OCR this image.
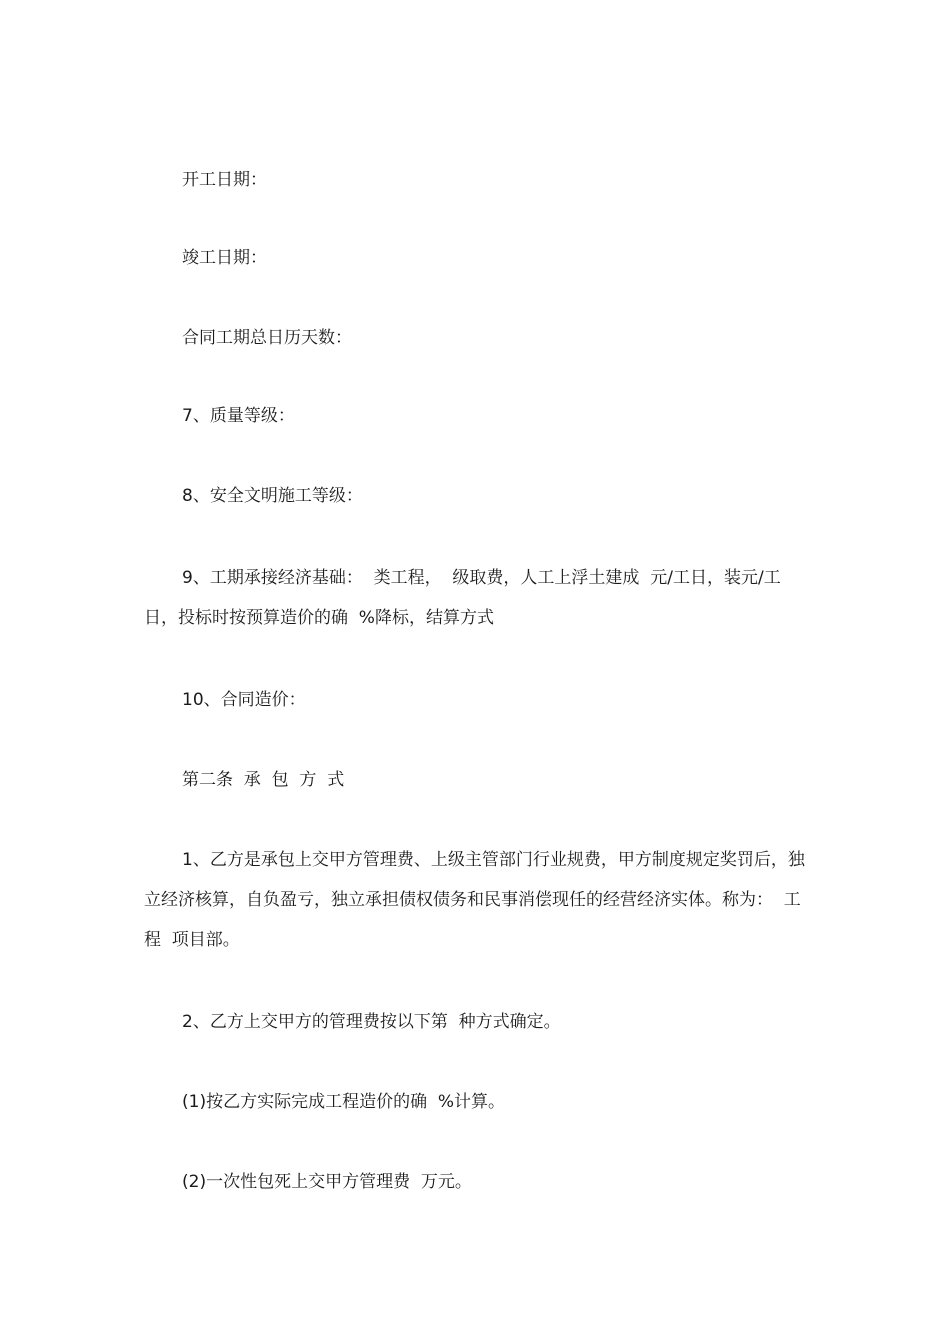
开工日期：

竣工日期：

合同工期总日历天数：

7、质量等级：

8、安全文明施工等级：

9、工期承接经济基础：  类工程，  级取费，人工上浮土建成  元/工日，装元/工日，投标时按预算造价的确  %降标，结算方式

10、合同造价：

第二条  承  包  方  式

1、乙方是承包上交甲方管理费、上级主管部门行业规费，甲方制度规定奖罚后，独立经济核算，自负盈亏，独立承担债权债务和民事消偿现任的经营经济实体。称为：  工程  项目部。

2、乙方上交甲方的管理费按以下第  种方式确定。

(1)按乙方实际完成工程造价的确  %计算。

(2)一次性包死上交甲方管理费  万元。
